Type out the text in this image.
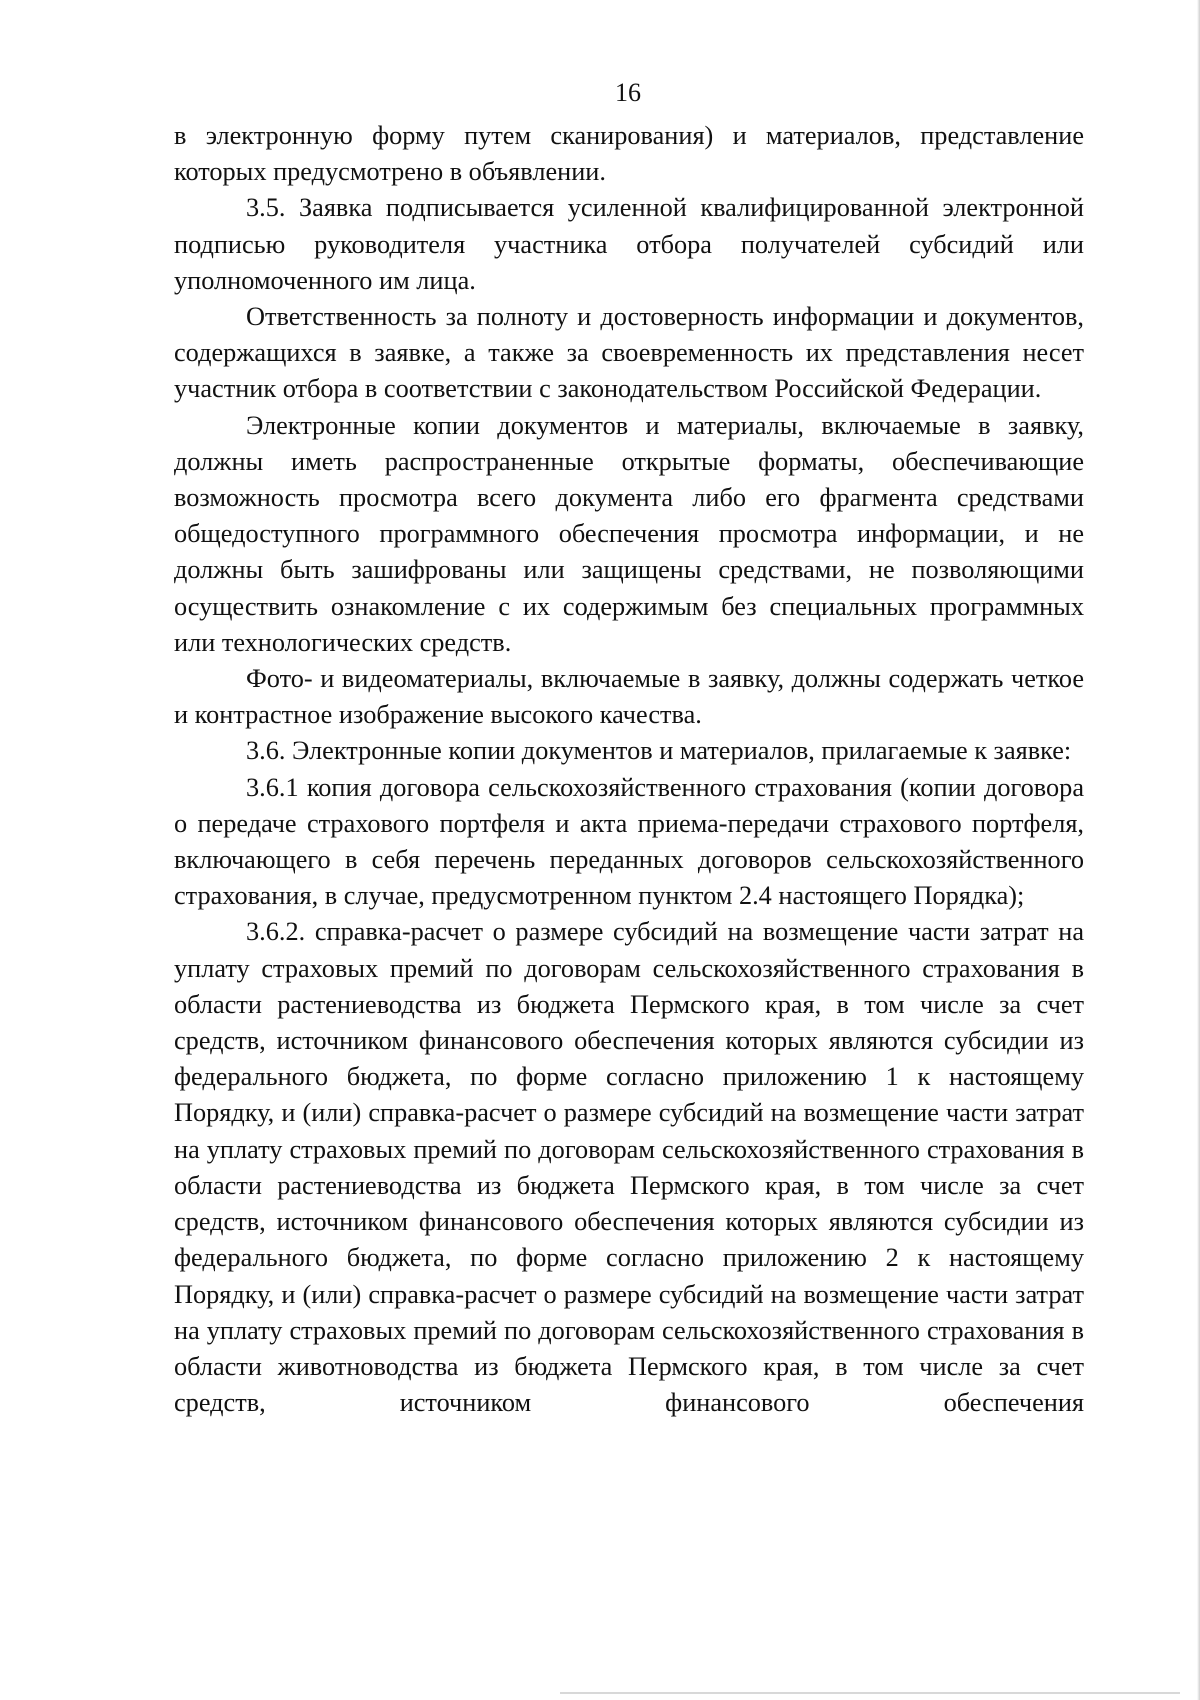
16

в электронную форму путем сканирования) и материалов, представление которых предусмотрено в объявлении.

3.5. Заявка подписывается усиленной квалифицированной электронной подписью руководителя участника отбора получателей субсидий или уполномоченного им лица.

Ответственность за полноту и достоверность информации и документов, содержащихся в заявке, а также за своевременность их представления несет участник отбора в соответствии с законодательством Российской Федерации.

Электронные копии документов и материалы, включаемые в заявку, должны иметь распространенные открытые форматы, обеспечивающие возможность просмотра всего документа либо его фрагмента средствами общедоступного программного обеспечения просмотра информации, и не должны быть зашифрованы или защищены средствами, не позволяющими осуществить ознакомление с их содержимым без специальных программных или технологических средств.

Фото- и видеоматериалы, включаемые в заявку, должны содержать четкое и контрастное изображение высокого качества.

3.6. Электронные копии документов и материалов, прилагаемые к заявке:

3.6.1 копия договора сельскохозяйственного страхования (копии договора о передаче страхового портфеля и акта приема-передачи страхового портфеля, включающего в себя перечень переданных договоров сельскохозяйственного страхования, в случае, предусмотренном пунктом 2.4 настоящего Порядка);

3.6.2. справка-расчет о размере субсидий на возмещение части затрат на уплату страховых премий по договорам сельскохозяйственного страхования в области растениеводства из бюджета Пермского края, в том числе за счет средств, источником финансового обеспечения которых являются субсидии из федерального бюджета, по форме согласно приложению 1 к настоящему Порядку, и (или) справка-расчет о размере субсидий на возмещение части затрат на уплату страховых премий по договорам сельскохозяйственного страхования в области растениеводства из бюджета Пермского края, в том числе за счет средств, источником финансового обеспечения которых являются субсидии из федерального бюджета, по форме согласно приложению 2 к настоящему Порядку, и (или) справка-расчет о размере субсидий на возмещение части затрат на уплату страховых премий по договорам сельскохозяйственного страхования в области животноводства из бюджета Пермского края, в том числе за счет средств, источником финансового обеспечения
